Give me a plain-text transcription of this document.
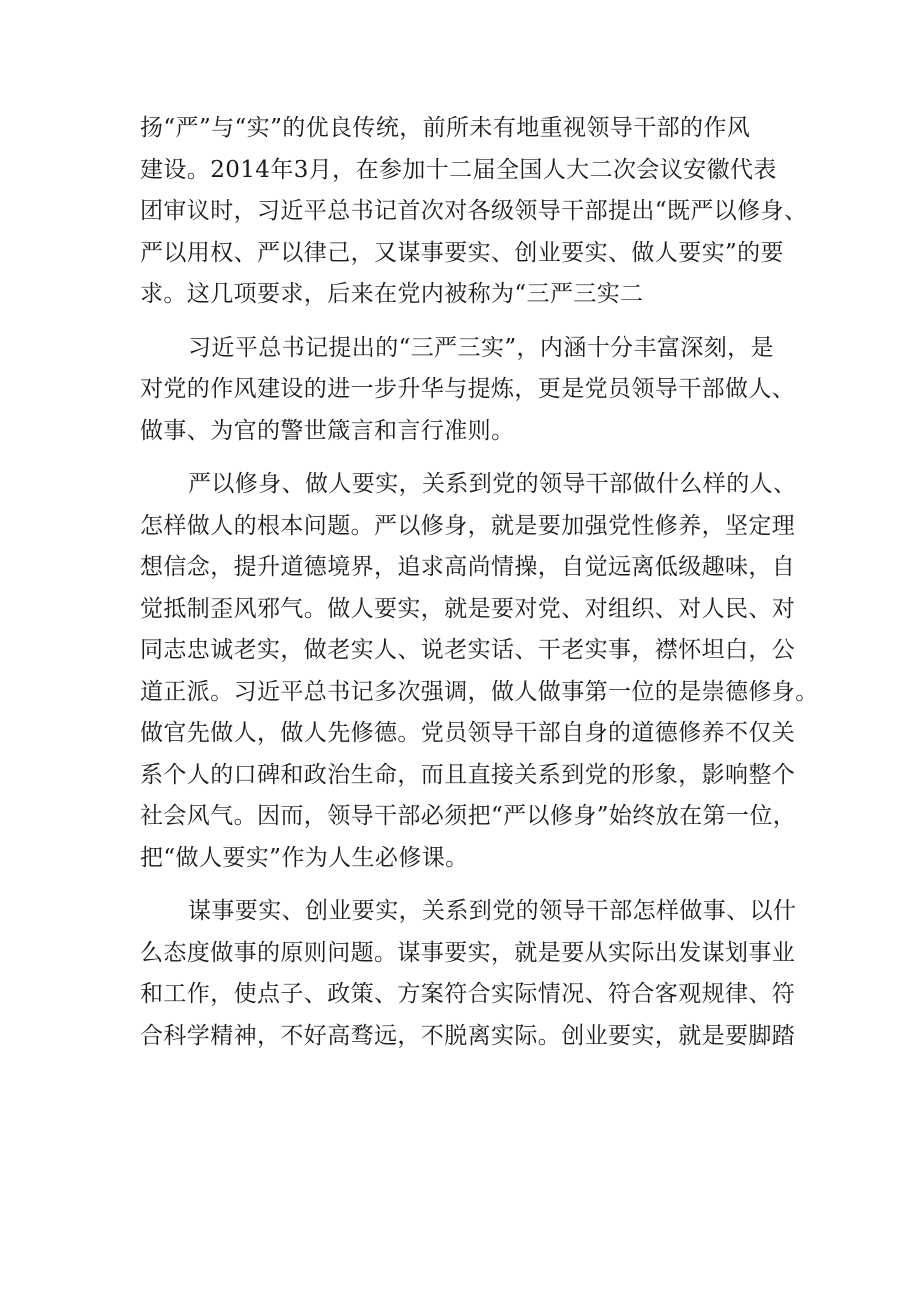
扬“严”与“实”的优良传统，前所未有地重视领导干部的作风
建设。2014年3月，在参加十二届全国人大二次会议安徽代表
团审议时，习近平总书记首次对各级领导干部提出“既严以修身、
严以用权、严以律己，又谋事要实、创业要实、做人要实”的要
求。这几项要求，后来在党内被称为“三严三实二

习近平总书记提出的“三严三实”，内涵十分丰富深刻，是
对党的作风建设的进一步升华与提炼，更是党员领导干部做人、
做事、为官的警世箴言和言行准则。

严以修身、做人要实，关系到党的领导干部做什么样的人、
怎样做人的根本问题。严以修身，就是要加强党性修养，坚定理
想信念，提升道德境界，追求高尚情操，自觉远离低级趣味，自
觉抵制歪风邪气。做人要实，就是要对党、对组织、对人民、对
同志忠诚老实，做老实人、说老实话、干老实事，襟怀坦白，公
道正派。习近平总书记多次强调，做人做事第一位的是崇德修身。
做官先做人，做人先修德。党员领导干部自身的道德修养不仅关
系个人的口碑和政治生命，而且直接关系到党的形象，影响整个
社会风气。因而，领导干部必须把“严以修身”始终放在第一位，
把“做人要实”作为人生必修课。

谋事要实、创业要实，关系到党的领导干部怎样做事、以什
么态度做事的原则问题。谋事要实，就是要从实际出发谋划事业
和工作，使点子、政策、方案符合实际情况、符合客观规律、符
合科学精神，不好高骛远，不脱离实际。创业要实，就是要脚踏
